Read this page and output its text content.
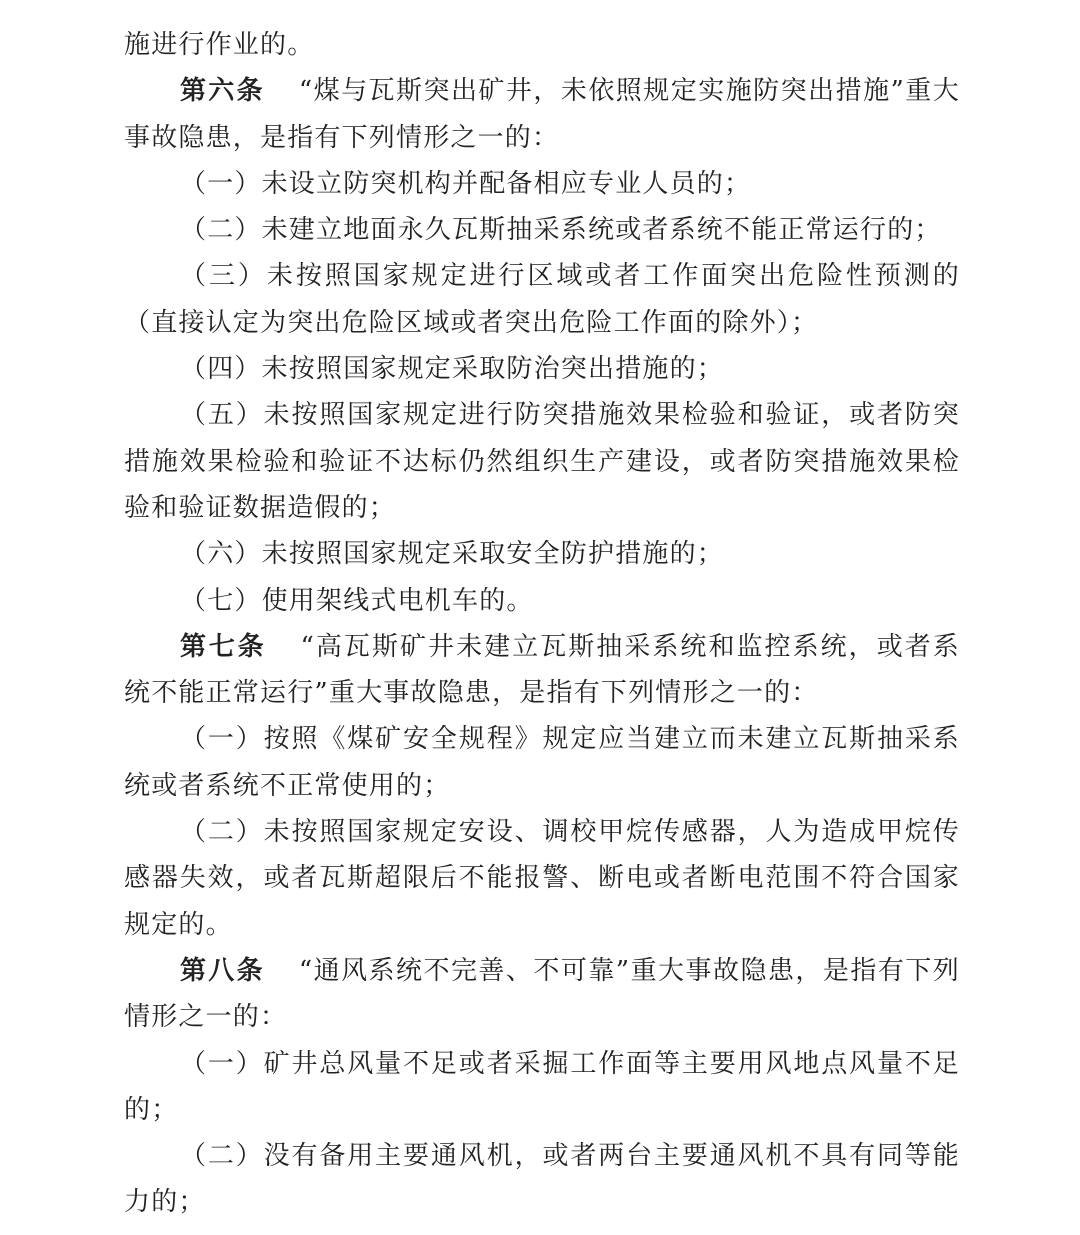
施进行作业的。

第六条 “煤与瓦斯突出矿井，未依照规定实施防突出措施”重大事故隐患，是指有下列情形之一的：

（一）未设立防突机构并配备相应专业人员的；

（二）未建立地面永久瓦斯抽采系统或者系统不能正常运行的；

（三）未按照国家规定进行区域或者工作面突出危险性预测的（直接认定为突出危险区域或者突出危险工作面的除外）；

（四）未按照国家规定采取防治突出措施的；

（五）未按照国家规定进行防突措施效果检验和验证，或者防突措施效果检验和验证不达标仍然组织生产建设，或者防突措施效果检验和验证数据造假的；

（六）未按照国家规定采取安全防护措施的；

（七）使用架线式电机车的。

第七条 “高瓦斯矿井未建立瓦斯抽采系统和监控系统，或者系统不能正常运行”重大事故隐患，是指有下列情形之一的：

（一）按照《煤矿安全规程》规定应当建立而未建立瓦斯抽采系统或者系统不正常使用的；

（二）未按照国家规定安设、调校甲烷传感器，人为造成甲烷传感器失效，或者瓦斯超限后不能报警、断电或者断电范围不符合国家规定的。

第八条 “通风系统不完善、不可靠”重大事故隐患，是指有下列情形之一的：

（一）矿井总风量不足或者采掘工作面等主要用风地点风量不足的；

（二）没有备用主要通风机，或者两台主要通风机不具有同等能力的；
